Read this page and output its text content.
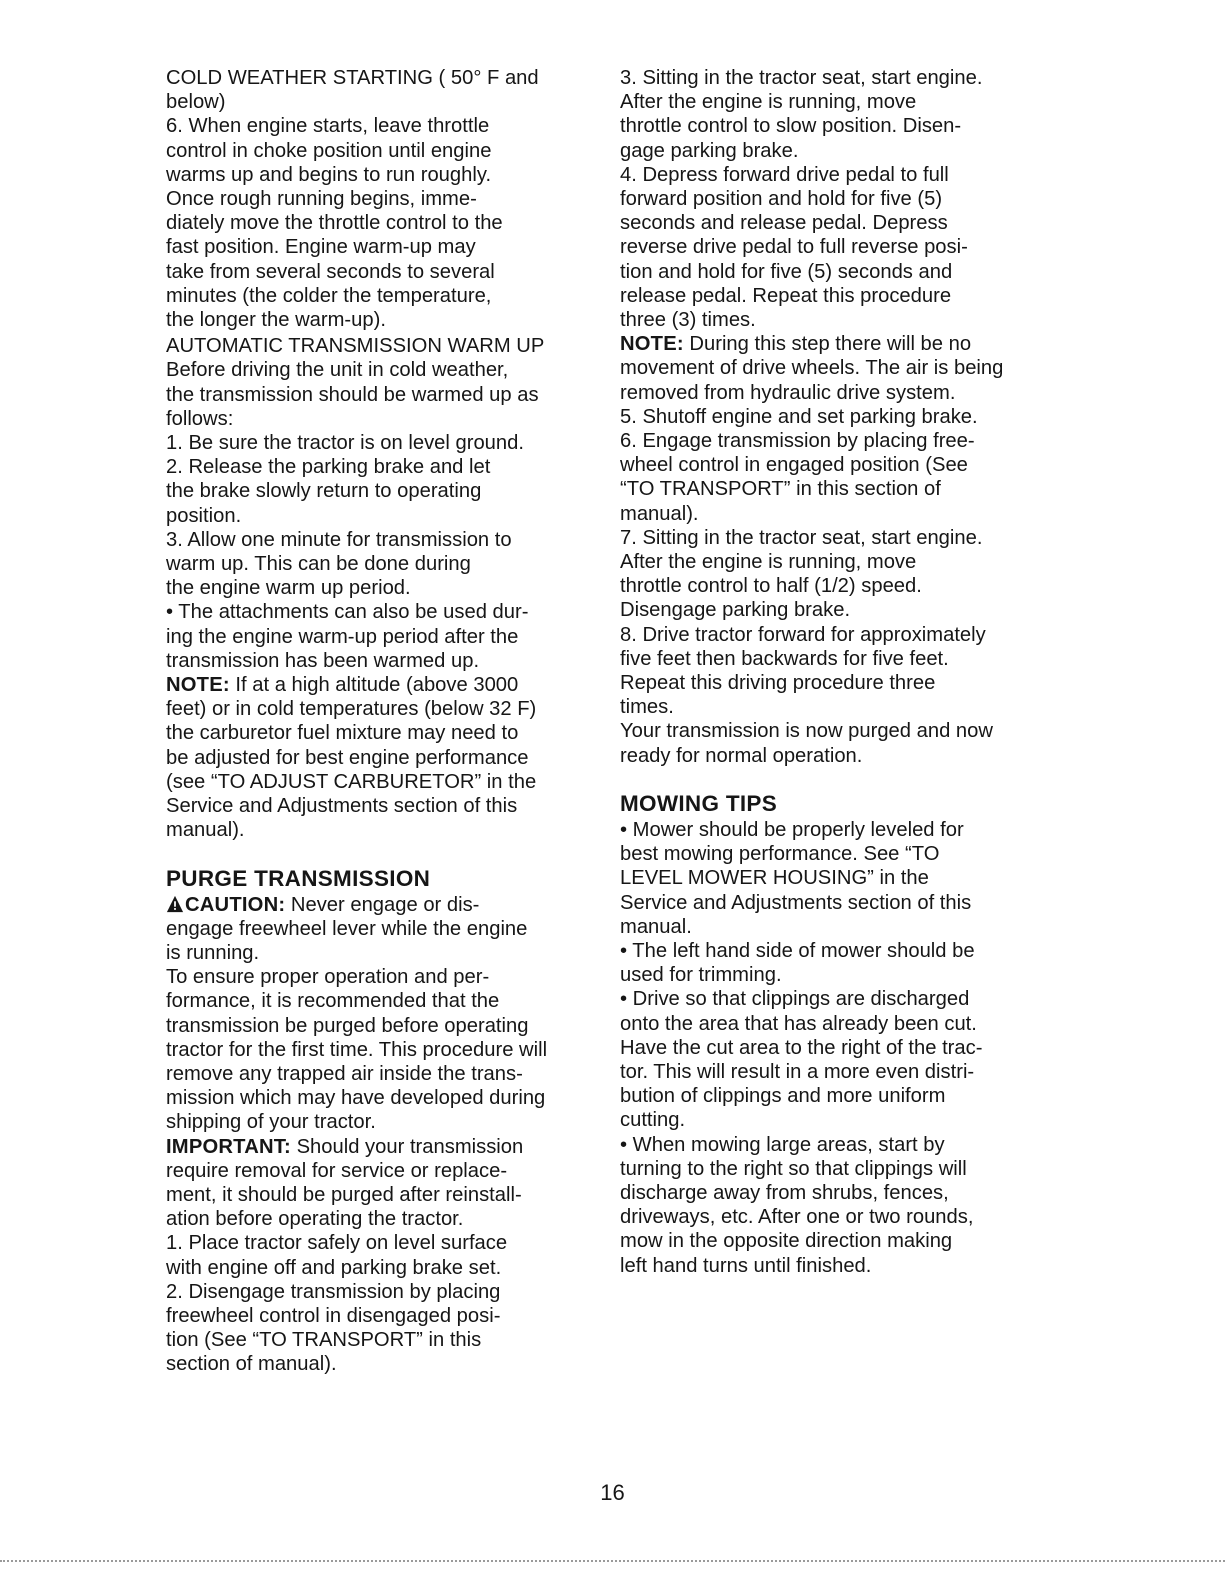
COLD WEATHER STARTING ( 50° F and
below)
6. When engine starts, leave throttle
control in choke position until engine
warms up and begins to run roughly.
Once rough running begins, imme-
diately move the throttle control to the
fast position. Engine warm-up may
take from several seconds to several
minutes (the colder the temperature,
the longer the warm-up).
AUTOMATIC TRANSMISSION WARM UP
Before driving the unit in cold weather,
the transmission should be warmed up as
follows:
1. Be sure the tractor is on level ground.
2. Release the parking brake and let
the brake slowly return to operating
position.
3. Allow one minute for transmission to
warm up. This can be done during
the engine warm up period.
• The attachments can also be used dur-
ing the engine warm-up period after the
transmission has been warmed up.
NOTE: If at a high altitude (above 3000
feet) or in cold temperatures (below 32 F)
the carburetor fuel mixture may need to
be adjusted for best engine performance
(see “TO ADJUST CARBURETOR” in the
Service and Adjustments section of this
manual).
PURGE TRANSMISSION
CAUTION: Never engage or dis-
engage freewheel lever while the engine
is running.
To ensure proper operation and per-
formance, it is recommended that the
transmission be purged before operating
tractor for the first time. This procedure will
remove any trapped air inside the trans-
mission which may have developed during
shipping of your tractor.
IMPORTANT: Should your transmission
require removal for service or replace-
ment, it should be purged after reinstall-
ation before operating the tractor.
1. Place tractor safely on level surface
with engine off and parking brake set.
2. Disengage transmission by placing
freewheel control in disengaged posi-
tion (See “TO TRANSPORT” in this
section of manual).
3. Sitting in the tractor seat, start engine.
After the engine is running, move
throttle control to slow position. Disen-
gage parking brake.
4. Depress forward drive pedal to full
forward position and hold for five (5)
seconds and release pedal. Depress
reverse drive pedal to full reverse posi-
tion and hold for five (5) seconds and
release pedal. Repeat this procedure
three (3) times.
NOTE: During this step there will be no
movement of drive wheels. The air is being
removed from hydraulic drive system.
5. Shutoff engine and set parking brake.
6. Engage transmission by placing free-
wheel control in engaged position (See
“TO TRANSPORT” in this section of
manual).
7. Sitting in the tractor seat, start engine.
After the engine is running, move
throttle control to half (1/2) speed.
Disengage parking brake.
8. Drive tractor forward for approximately
five feet then backwards for five feet.
Repeat this driving procedure three
times.
Your transmission is now purged and now
ready for normal operation.
MOWING TIPS
• Mower should be properly leveled for
best mowing performance. See “TO
LEVEL MOWER HOUSING” in the
Service and Adjustments section of this
manual.
• The left hand side of mower should be
used for trimming.
• Drive so that clippings are discharged
onto the area that has already been cut.
Have the cut area to the right of the trac-
tor. This will result in a more even distri-
bution of clippings and more uniform
cutting.
• When mowing large areas, start by
turning to the right so that clippings will
discharge away from shrubs, fences,
driveways, etc. After one or two rounds,
mow in the opposite direction making
left hand turns until finished.
16
